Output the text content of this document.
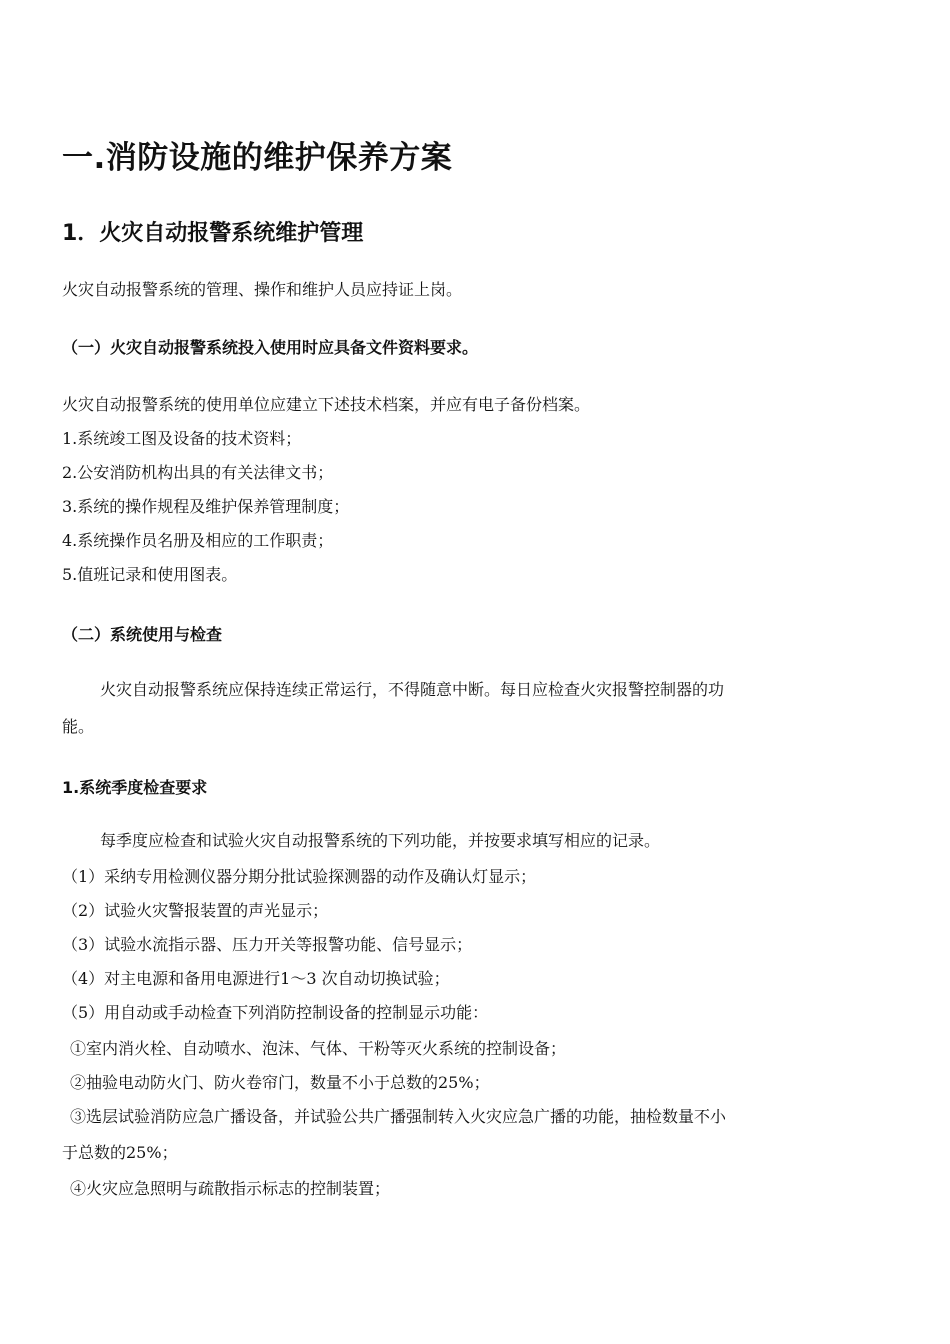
一.消防设施的维护保养方案
1．火灾自动报警系统维护管理
火灾自动报警系统的管理、操作和维护人员应持证上岗。
（一）火灾自动报警系统投入使用时应具备文件资料要求。
火灾自动报警系统的使用单位应建立下述技术档案，并应有电子备份档案。
1.系统竣工图及设备的技术资料；
2.公安消防机构出具的有关法律文书；
3.系统的操作规程及维护保养管理制度；
4.系统操作员名册及相应的工作职责；
5.值班记录和使用图表。
（二）系统使用与检查
火灾自动报警系统应保持连续正常运行，不得随意中断。每日应检查火灾报警控制器的功
能。
1.系统季度检查要求
每季度应检查和试验火灾自动报警系统的下列功能，并按要求填写相应的记录。
（1）采纳专用检测仪器分期分批试验探测器的动作及确认灯显示；
（2）试验火灾警报装置的声光显示；
（3）试验水流指示器、压力开关等报警功能、信号显示；
（4）对主电源和备用电源进行1～3 次自动切换试验；
（5）用自动或手动检查下列消防控制设备的控制显示功能：
①室内消火栓、自动喷水、泡沫、气体、干粉等灭火系统的控制设备；
②抽验电动防火门、防火卷帘门，数量不小于总数的25%；
③选层试验消防应急广播设备，并试验公共广播强制转入火灾应急广播的功能，抽检数量不小
于总数的25%；
④火灾应急照明与疏散指示标志的控制装置；
